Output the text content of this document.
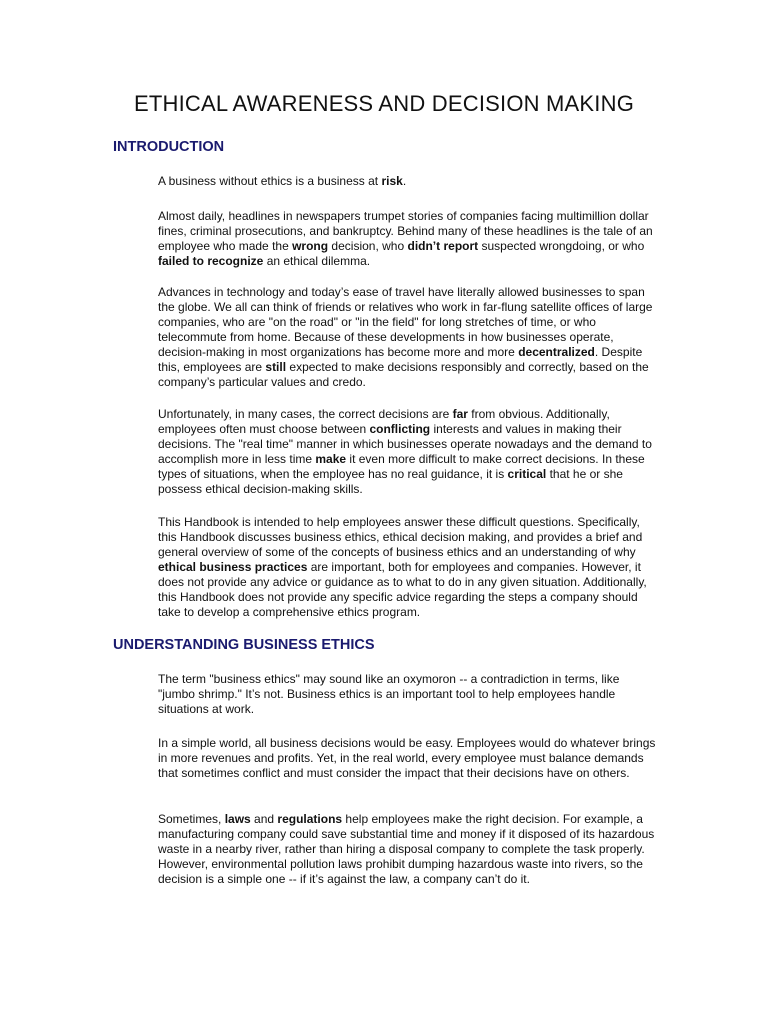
ETHICAL AWARENESS AND DECISION MAKING
INTRODUCTION

A business without ethics is a business at risk.

Almost daily, headlines in newspapers trumpet stories of companies facing multimillion dollar fines, criminal prosecutions, and bankruptcy. Behind many of these headlines is the tale of an employee who made the wrong decision, who didn’t report suspected wrongdoing, or who failed to recognize an ethical dilemma.

Advances in technology and today’s ease of travel have literally allowed businesses to span the globe. We all can think of friends or relatives who work in far-flung satellite offices of large companies, who are "on the road" or "in the field" for long stretches of time, or who telecommute from home. Because of these developments in how businesses operate, decision-making in most organizations has become more and more decentralized. Despite this, employees are still expected to make decisions responsibly and correctly, based on the company’s particular values and credo.

Unfortunately, in many cases, the correct decisions are far from obvious. Additionally, employees often must choose between conflicting interests and values in making their decisions. The "real time" manner in which businesses operate nowadays and the demand to accomplish more in less time make it even more difficult to make correct decisions. In these types of situations, when the employee has no real guidance, it is critical that he or she possess ethical decision-making skills.

This Handbook is intended to help employees answer these difficult questions. Specifically, this Handbook discusses business ethics, ethical decision making, and provides a brief and general overview of some of the concepts of business ethics and an understanding of why ethical business practices are important, both for employees and companies. However, it does not provide any advice or guidance as to what to do in any given situation. Additionally, this Handbook does not provide any specific advice regarding the steps a company should take to develop a comprehensive ethics program.

UNDERSTANDING BUSINESS ETHICS

The term "business ethics" may sound like an oxymoron -- a contradiction in terms, like "jumbo shrimp." It’s not. Business ethics is an important tool to help employees handle situations at work.

In a simple world, all business decisions would be easy. Employees would do whatever brings in more revenues and profits. Yet, in the real world, every employee must balance demands that sometimes conflict and must consider the impact that their decisions have on others.

Sometimes, laws and regulations help employees make the right decision. For example, a manufacturing company could save substantial time and money if it disposed of its hazardous waste in a nearby river, rather than hiring a disposal company to complete the task properly. However, environmental pollution laws prohibit dumping hazardous waste into rivers, so the decision is a simple one -- if it’s against the law, a company can’t do it.
